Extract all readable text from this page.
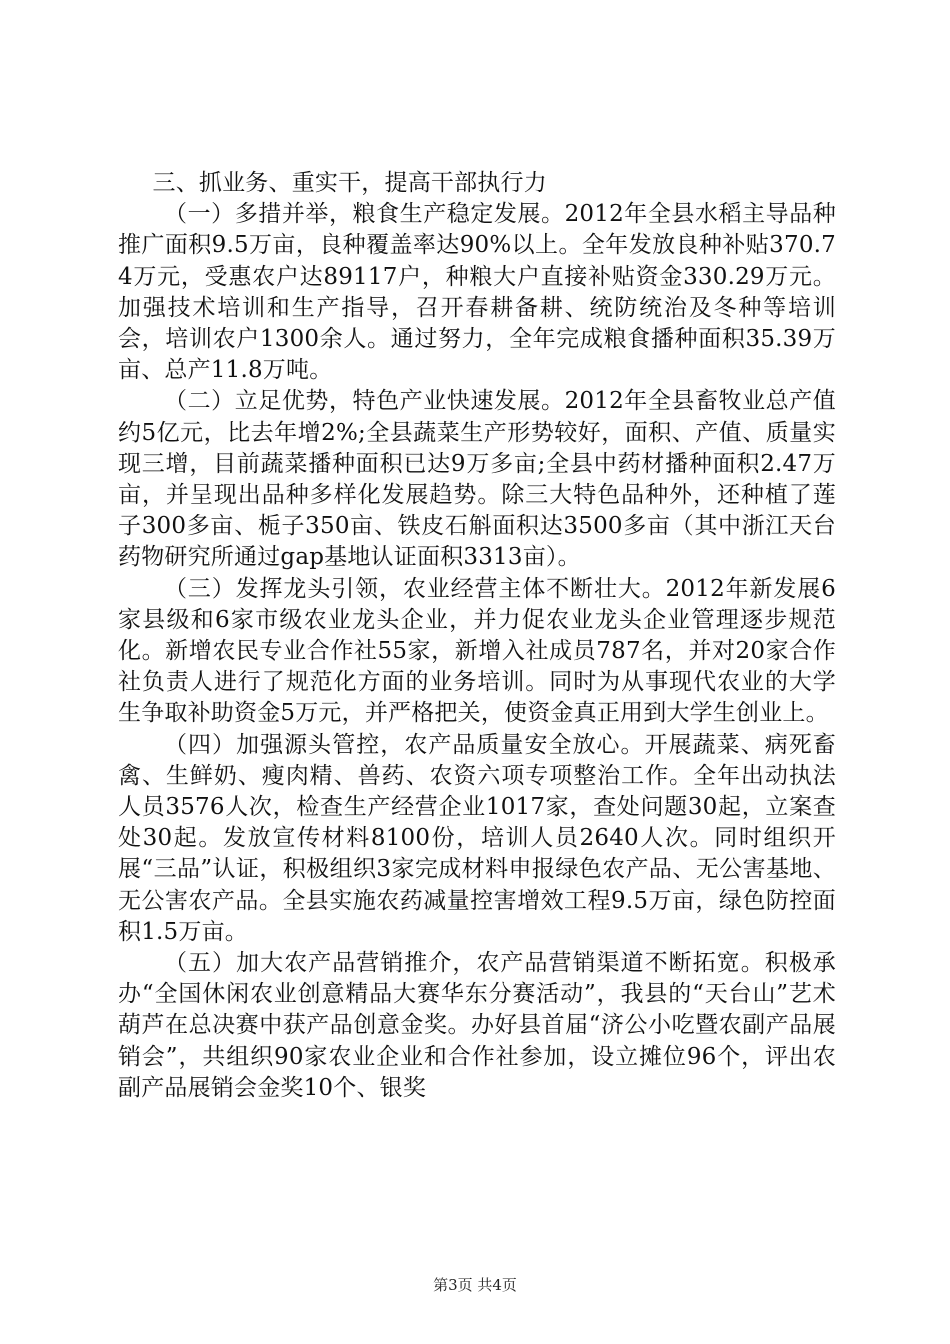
三、抓业务、重实干，提高干部执行力

（一）多措并举，粮食生产稳定发展。2012年全县水稻主导品种推广面积9.5万亩，良种覆盖率达90%以上。全年发放良种补贴370.74万元，受惠农户达89117户，种粮大户直接补贴资金330.29万元。加强技术培训和生产指导，召开春耕备耕、统防统治及冬种等培训会，培训农户1300余人。通过努力，全年完成粮食播种面积35.39万亩、总产11.8万吨。

（二）立足优势，特色产业快速发展。2012年全县畜牧业总产值约5亿元，比去年增2%;全县蔬菜生产形势较好，面积、产值、质量实现三增，目前蔬菜播种面积已达9万多亩;全县中药材播种面积2.47万亩，并呈现出品种多样化发展趋势。除三大特色品种外，还种植了莲子300多亩、栀子350亩、铁皮石斛面积达3500多亩（其中浙江天台药物研究所通过gap基地认证面积3313亩）。

（三）发挥龙头引领，农业经营主体不断壮大。2012年新发展6家县级和6家市级农业龙头企业，并力促农业龙头企业管理逐步规范化。新增农民专业合作社55家，新增入社成员787名，并对20家合作社负责人进行了规范化方面的业务培训。同时为从事现代农业的大学生争取补助资金5万元，并严格把关，使资金真正用到大学生创业上。

（四）加强源头管控，农产品质量安全放心。开展蔬菜、病死畜禽、生鲜奶、瘦肉精、兽药、农资六项专项整治工作。全年出动执法人员3576人次，检查生产经营企业1017家，查处问题30起，立案查处30起。发放宣传材料8100份，培训人员2640人次。同时组织开展“三品”认证，积极组织3家完成材料申报绿色农产品、无公害基地、无公害农产品。全县实施农药减量控害增效工程9.5万亩，绿色防控面积1.5万亩。

（五）加大农产品营销推介，农产品营销渠道不断拓宽。积极承办“全国休闲农业创意精品大赛华东分赛活动”，我县的“天台山”艺术葫芦在总决赛中获产品创意金奖。办好县首届“济公小吃暨农副产品展销会”，共组织90家农业企业和合作社参加，设立摊位96个，评出农副产品展销会金奖10个、银奖

第3页 共4页
